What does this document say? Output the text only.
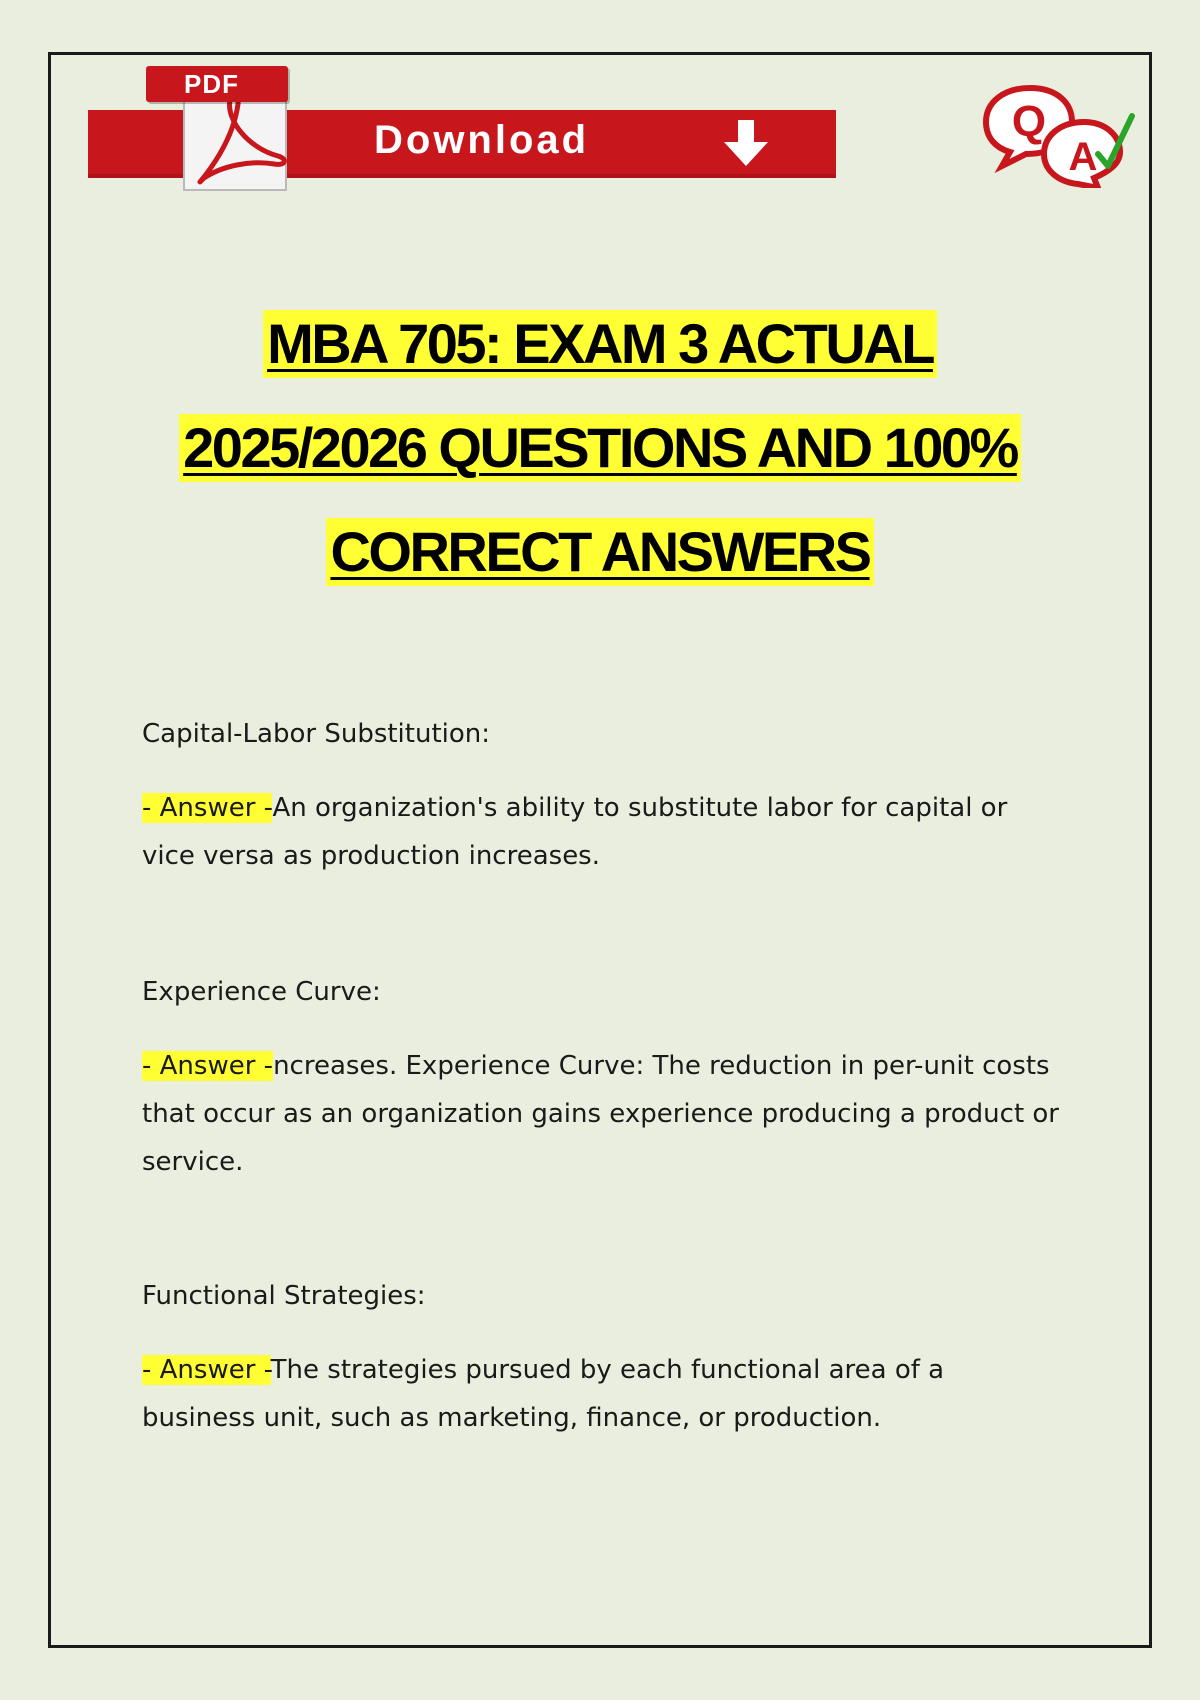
Download
PDF
Q
A
MBA 705: EXAM 3 ACTUAL
2025/2026 QUESTIONS AND 100%
CORRECT ANSWERS
Capital-Labor Substitution:
- Answer -An organization's ability to substitute labor for capital or vice versa as production increases.
Experience Curve:
- Answer -ncreases. Experience Curve: The reduction in per-unit costs that occur as an organization gains experience producing a product or service.
Functional Strategies:
- Answer -The strategies pursued by each functional area of a business unit, such as marketing, finance, or production.
